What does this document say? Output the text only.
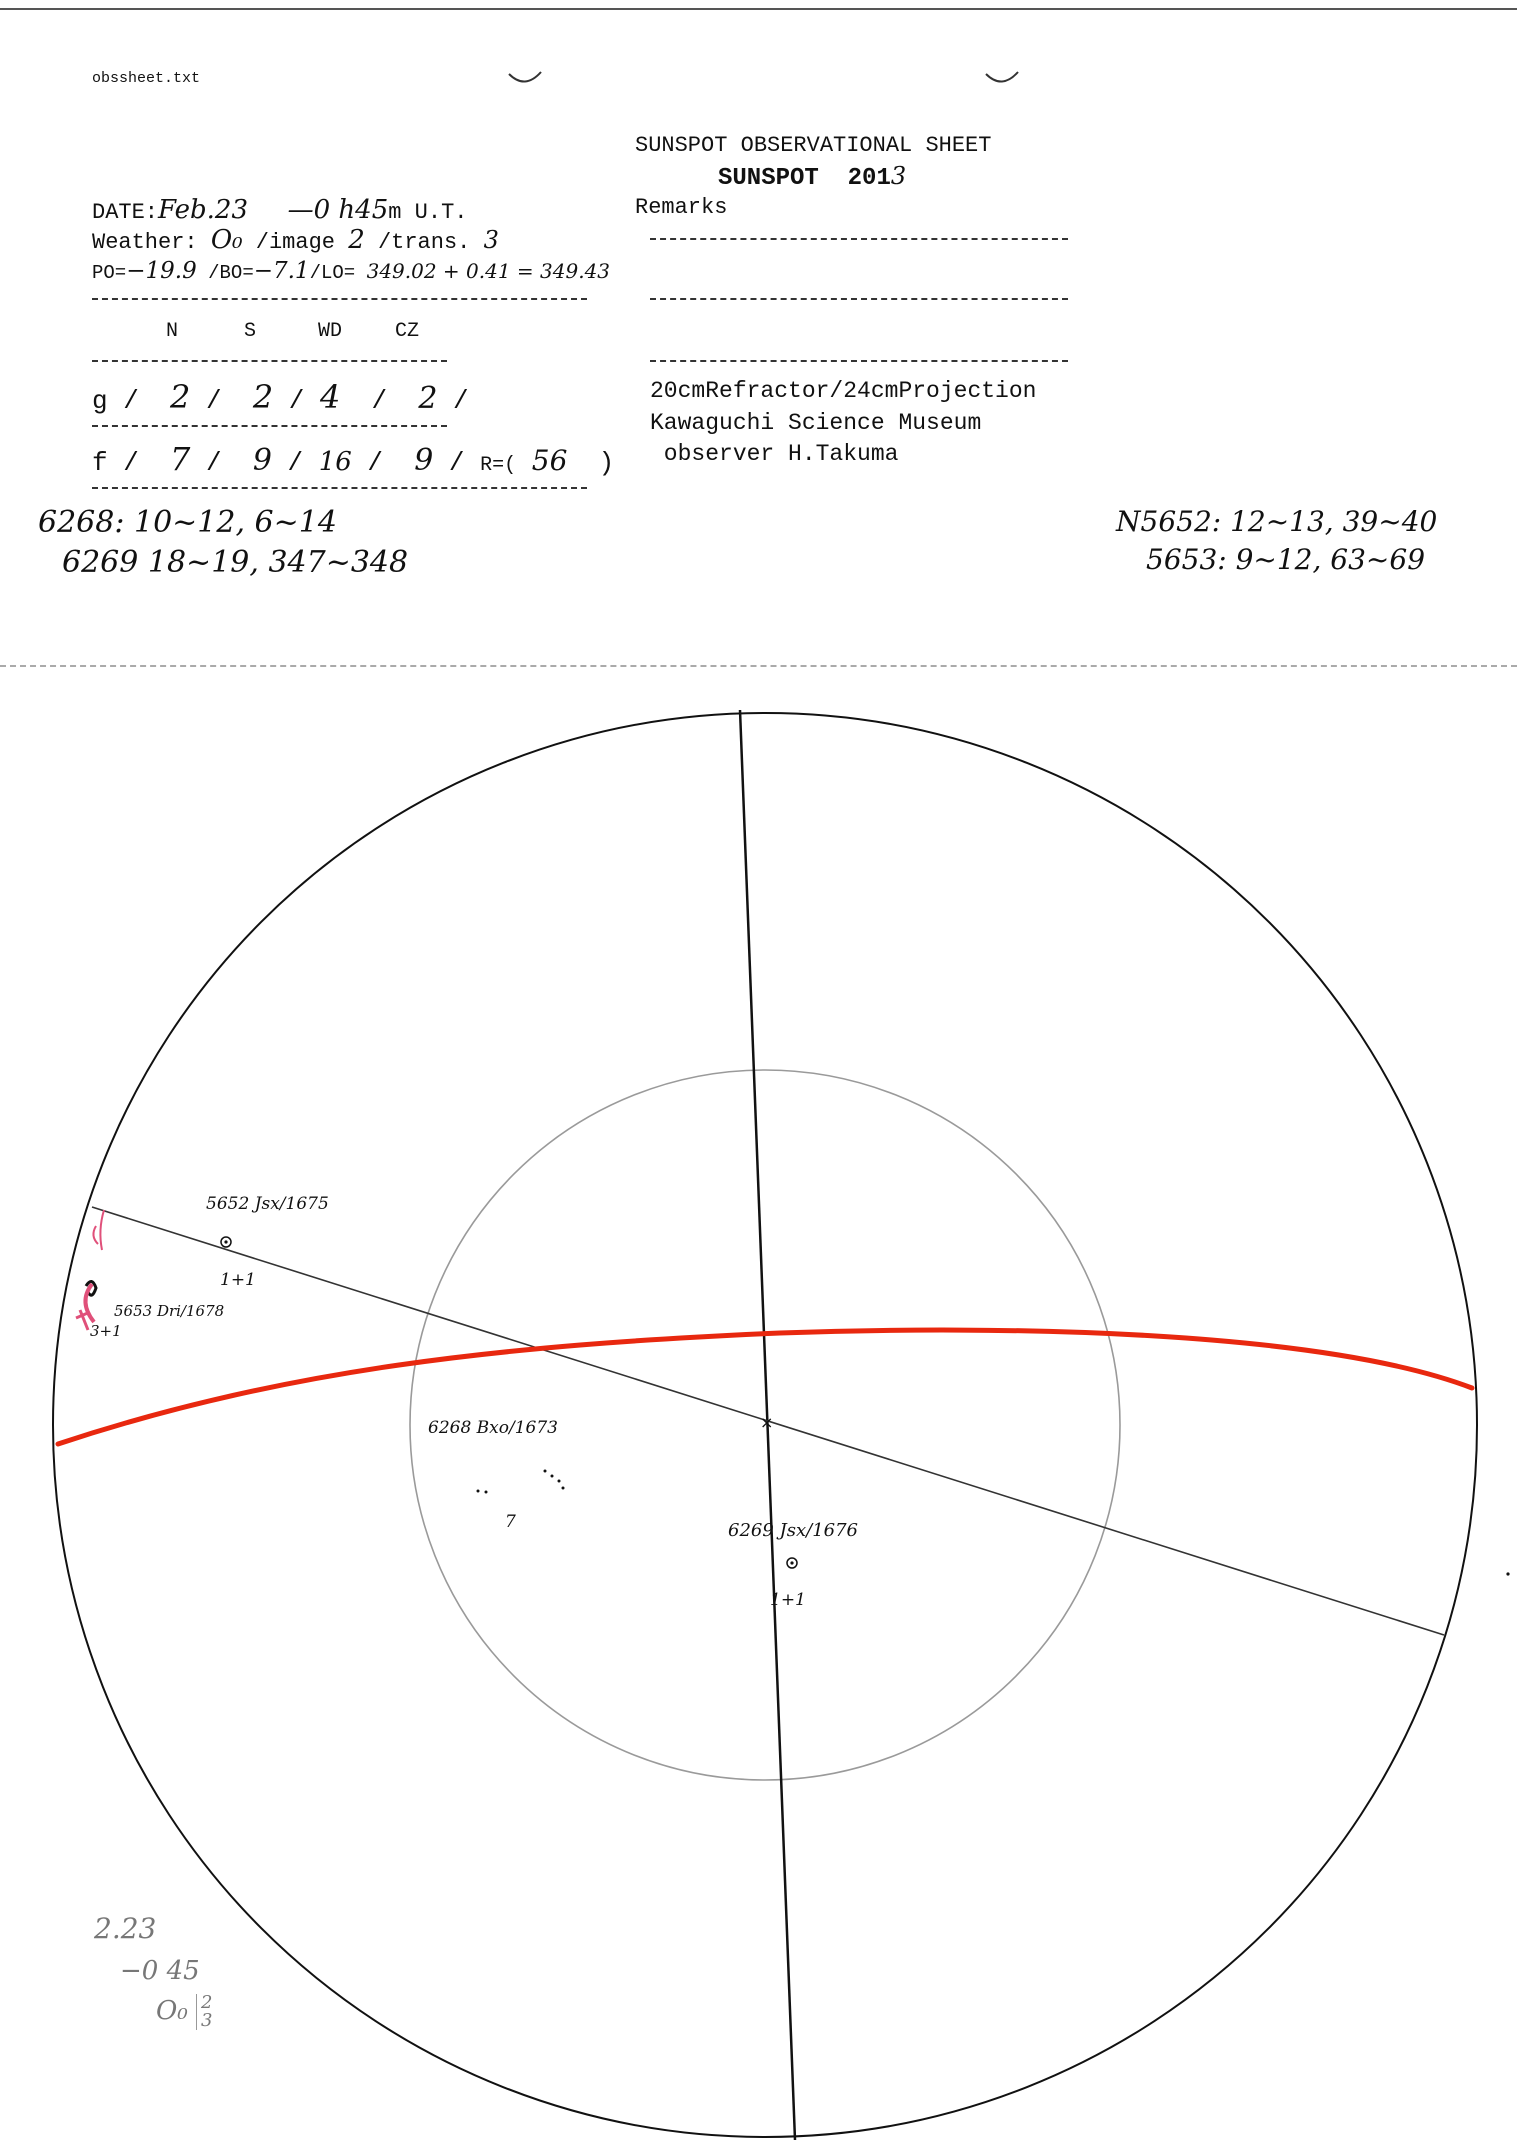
obssheet.txt
SUNSPOT OBSERVATIONAL SHEET
SUNSPOT 2013
DATE:Feb.23 —0 h45m U.T.	Remarks
Weather: O₀ /image 2 /trans. 3
PO=−19.9 /BO=−7.1/LO= 349.02 + 0.41 = 349.43
N	S	WD	CZ
g /  2 /  2 / 4  /  2 /	20cmRefractor/24cmProjection
Kawaguchi Science Museum
observer H.Takuma
f /  7 /  9 / 16 /  9 / R=( 56 )
6268: 10~12, 6~14
6269 18~19, 347~348
N5652: 12~13, 39~40
5653: 9~12, 63~69
×
5652 Jsx/1675
1+1
5653 Dri/1678
3+1
6268 Bxo/1673
7	6269 Jsx/1676
1+1
2.23
−0 45
O₀ 2
3
